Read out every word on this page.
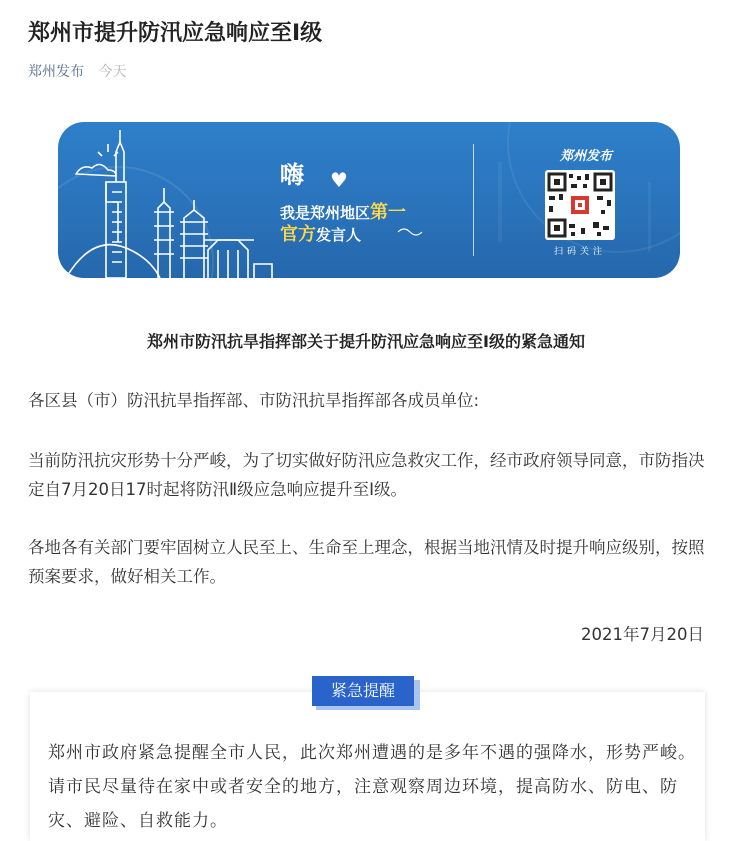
郑州市提升防汛应急响应至Ⅰ级
郑州发布 今天
嗨 ♥
我是郑州地区第一
官方发言人
郑州发布
扫码关注
郑州市防汛抗旱指挥部关于提升防汛应急响应至Ⅰ级的紧急通知
各区县（市）防汛抗旱指挥部、市防汛抗旱指挥部各成员单位:
当前防汛抗灾形势十分严峻，为了切实做好防汛应急救灾工作，经市政府领导同意，市防指决定自7月20日17时起将防汛Ⅱ级应急响应提升至Ⅰ级。
各地各有关部门要牢固树立人民至上、生命至上理念，根据当地汛情及时提升响应级别，按照预案要求，做好相关工作。
2021年7月20日
紧急提醒
郑州市政府紧急提醒全市人民，此次郑州遭遇的是多年不遇的强降水，形势严峻。请市民尽量待在家中或者安全的地方，注意观察周边环境，提高防水、防电、防灾、避险、自救能力。
